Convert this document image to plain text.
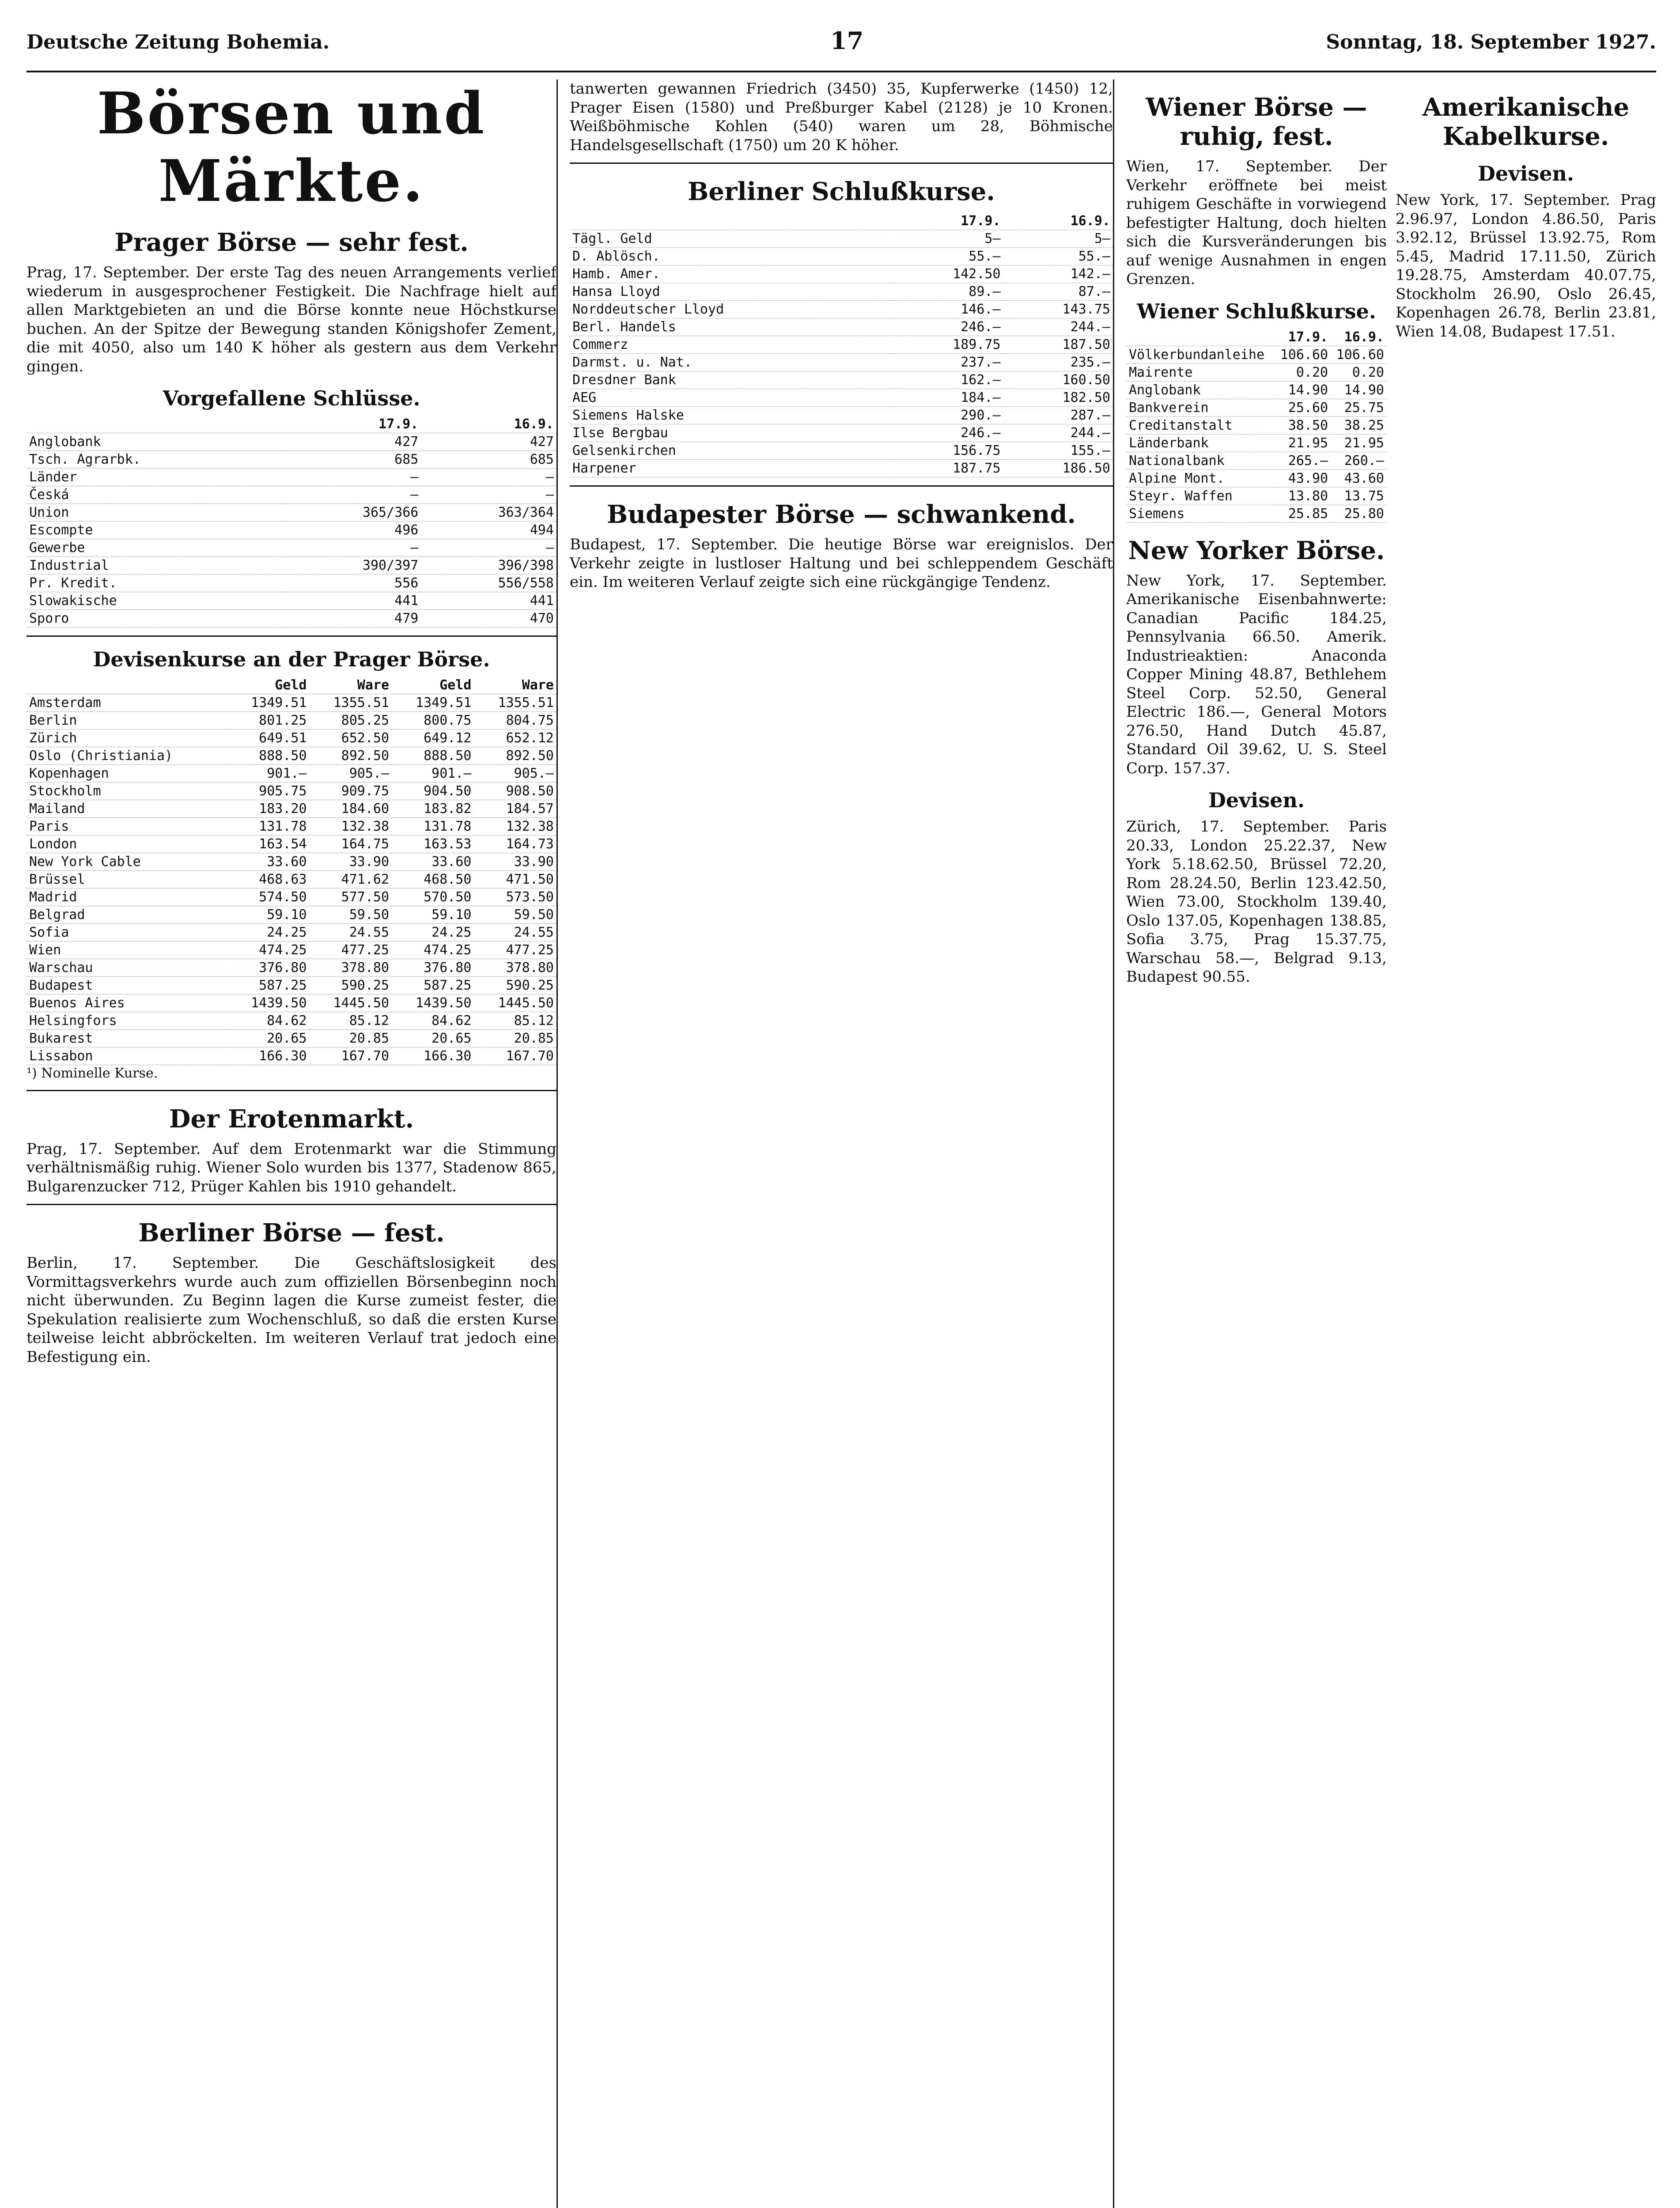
Deutsche Zeitung Bohemia.	17	Sonntag, 18. September 1927.
Börsen und Märkte.
Prager Börse — sehr fest.

Prag, 17. September. Der erste Tag des neuen Arrangements verlief wiederum in ausgesprochener Festigkeit. Die Nachfrage hielt auf allen Marktgebieten an und die Börse konnte neue Höchstkurse buchen. An der Spitze der Bewegung standen Königshofer Zement, die mit 4050, also um 140 K höher als gestern aus dem Verkehr gingen.

Vorgefallene Schlüsse.
	17.9.	16.9.
Anglobank	427	427
Tsch. Agrarbk.	685	685
Länder	—	—
Česká	—	—
Union	365/366	363/364
Escompte	496	494
Gewerbe	—	—
Industrial	390/397	396/398
Pr. Kredit.	556	556/558
Slowakische	441	441
Sporo	479	470
Devisenkurse an der Prager Börse.
	Geld	Ware	Geld	Ware
Amsterdam	1349.51	1355.51	1349.51	1355.51
Berlin	801.25	805.25	800.75	804.75
Zürich	649.51	652.50	649.12	652.12
Oslo (Christiania)	888.50	892.50	888.50	892.50
Kopenhagen	901.—	905.—	901.—	905.—
Stockholm	905.75	909.75	904.50	908.50
Mailand	183.20	184.60	183.82	184.57
Paris	131.78	132.38	131.78	132.38
London	163.54	164.75	163.53	164.73
New York Cable	33.60	33.90	33.60	33.90
Brüssel	468.63	471.62	468.50	471.50
Madrid	574.50	577.50	570.50	573.50
Belgrad	59.10	59.50	59.10	59.50
Sofia	24.25	24.55	24.25	24.55
Wien	474.25	477.25	474.25	477.25
Warschau	376.80	378.80	376.80	378.80
Budapest	587.25	590.25	587.25	590.25
Buenos Aires	1439.50	1445.50	1439.50	1445.50
Helsingfors	84.62	85.12	84.62	85.12
Bukarest	20.65	20.85	20.65	20.85
Lissabon	166.30	167.70	166.30	167.70

¹) Nominelle Kurse.

Der Erotenmarkt.

Prag, 17. September. Auf dem Erotenmarkt war die Stimmung verhältnismäßig ruhig. Wiener Solo wurden bis 1377, Stadenow 865, Bulgarenzucker 712, Prüger Kahlen bis 1910 gehandelt.

Berliner Börse — fest.

Berlin, 17. September. Die Geschäftslosigkeit des Vormittagsverkehrs wurde auch zum offiziellen Börsenbeginn noch nicht überwunden. Zu Beginn lagen die Kurse zumeist fester, die Spekulation realisierte zum Wochenschluß, so daß die ersten Kurse teilweise leicht abbröckelten. Im weiteren Verlauf trat jedoch eine Befestigung ein.

tanwerten gewannen Friedrich (3450) 35, Kupferwerke (1450) 12, Prager Eisen (1580) und Preßburger Kabel (2128) je 10 Kronen. Weißböhmische Kohlen (540) waren um 28, Böhmische Handelsgesellschaft (1750) um 20 K höher.

Berliner Schlußkurse.
	17.9.	16.9.
Tägl. Geld	5—	5—
D. Ablösch.	55.—	55.—
Hamb. Amer.	142.50	142.—
Hansa Lloyd	89.—	87.—
Norddeutscher Lloyd	146.—	143.75
Berl. Handels	246.—	244.—
Commerz	189.75	187.50
Darmst. u. Nat.	237.—	235.—
Dresdner Bank	162.—	160.50
AEG	184.—	182.50
Siemens Halske	290.—	287.—
Ilse Bergbau	246.—	244.—
Gelsenkirchen	156.75	155.—
Harpener	187.75	186.50
Budapester Börse — schwankend.

Budapest, 17. September. Die heutige Börse war ereignislos. Der Verkehr zeigte in lustloser Haltung und bei schleppendem Geschäft ein. Im weiteren Verlauf zeigte sich eine rückgängige Tendenz.

Wiener Börse — ruhig, fest.

Wien, 17. September. Der Verkehr eröffnete bei meist ruhigem Geschäfte in vorwiegend befestigter Haltung, doch hielten sich die Kursveränderungen bis auf wenige Ausnahmen in engen Grenzen.

Wiener Schlußkurse.
	17.9.	16.9.
Völkerbundanleihe	106.60	106.60
Mairente	0.20	0.20
Anglobank	14.90	14.90
Bankverein	25.60	25.75
Creditanstalt	38.50	38.25
Länderbank	21.95	21.95
Nationalbank	265.—	260.—
Alpine Mont.	43.90	43.60
Steyr. Waffen	13.80	13.75
Siemens	25.85	25.80
New Yorker Börse.

New York, 17. September. Amerikanische Eisenbahnwerte: Canadian Pacific 184.25, Pennsylvania 66.50. Amerik. Industrieaktien: Anaconda Copper Mining 48.87, Bethlehem Steel Corp. 52.50, General Electric 186.—, General Motors 276.50, Hand Dutch 45.87, Standard Oil 39.62, U. S. Steel Corp. 157.37.

Devisen.

Zürich, 17. September. Paris 20.33, London 25.22.37, New York 5.18.62.50, Brüssel 72.20, Rom 28.24.50, Berlin 123.42.50, Wien 73.00, Stockholm 139.40, Oslo 137.05, Kopenhagen 138.85, Sofia 3.75, Prag 15.37.75, Warschau 58.—, Belgrad 9.13, Budapest 90.55.

Amerikanische Kabelkurse.
Devisen.

New York, 17. September. Prag 2.96.97, London 4.86.50, Paris 3.92.12, Brüssel 13.92.75, Rom 5.45, Madrid 17.11.50, Zürich 19.28.75, Amsterdam 40.07.75, Stockholm 26.90, Oslo 26.45, Kopenhagen 26.78, Berlin 23.81, Wien 14.08, Budapest 17.51.
